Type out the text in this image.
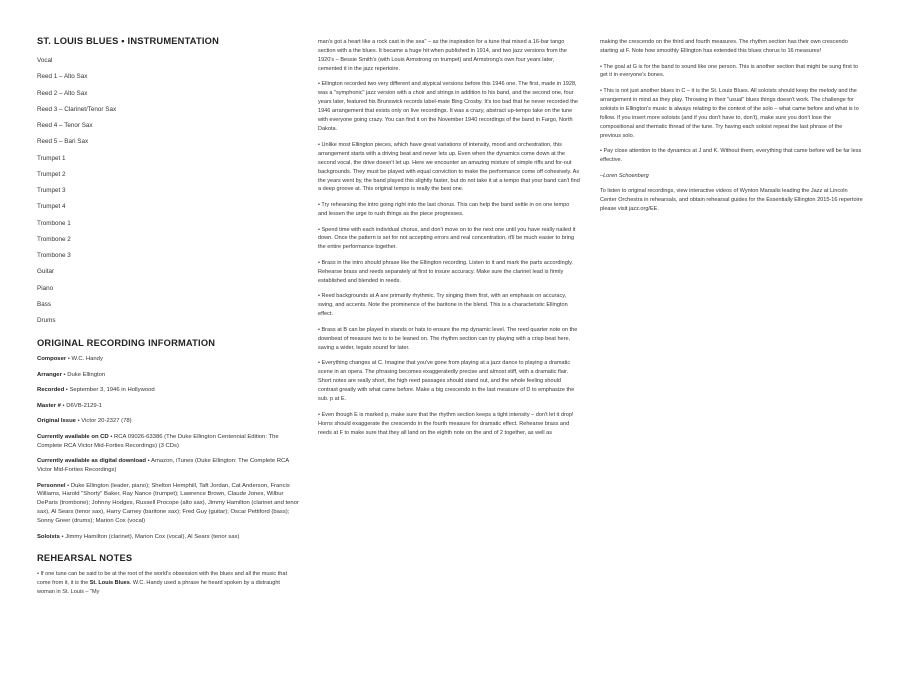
ST. LOUIS BLUES • INSTRUMENTATION
Vocal
Reed 1 – Alto Sax
Reed 2 – Alto Sax
Reed 3 – Clarinet/Tenor Sax
Reed 4 – Tenor Sax
Reed 5 – Bari Sax
Trumpet 1
Trumpet 2
Trumpet 3
Trumpet 4
Trombone 1
Trombone 2
Trombone 3
Guitar
Piano
Bass
Drums
ORIGINAL RECORDING INFORMATION

Composer • W.C. Handy

Arranger • Duke Ellington

Recorded • September 3, 1946 in Hollywood

Master # • D6VB-2129-1

Original Issue • Victor 20-2327 (78)

Currently available on CD • RCA 09026-63386 (The Duke Ellington Centennial Edition: The Complete RCA Victor Mid-Forties Recordings) (3 CDs)

Currently available as digital download • Amazon, iTunes (Duke Ellington: The Complete RCA Victor Mid-Forties Recordings)

Personnel • Duke Ellington (leader, piano); Shelton Hemphill, Taft Jordan, Cat Anderson, Francis Williams, Harold "Shorty" Baker, Ray Nance (trumpet); Lawrence Brown, Claude Jones, Wilbur DeParis (trombone); Johnny Hodges, Russell Procope (alto sax), Jimmy Hamilton (clarinet and tenor sax), Al Sears (tenor sax), Harry Carney (baritone sax); Fred Guy (guitar); Oscar Pettiford (bass); Sonny Greer (drums); Marion Cox (vocal)

Soloists • Jimmy Hamilton (clarinet), Marion Cox (vocal), Al Sears (tenor sax)

REHEARSAL NOTES

• If one tune can be said to be at the root of the world's obsession with the blues and all the music that come from it, it is the St. Louis Blues. W.C. Handy used a phrase he heard spoken by a distraught woman in St. Louis – "My

man's got a heart like a rock cast in the sea" – as the inspiration for a tune that mixed a 16-bar tango section with a the blues. It became a huge hit when published in 1914, and two jazz versions from the 1920's – Bessie Smith's (with Louis Armstrong on trumpet) and Armstrong's own four years later, cemented it in the jazz repertoire.

• Ellington recorded two very different and atypical versions before this 1946 one. The first, made in 1928, was a "symphonic" jazz version with a choir and strings in addition to his band, and the second one, four years later, featured his Brunswick records label-mate Bing Crosby. It's too bad that he never recorded the 1946 arrangement that exists only on live recordings. It was a crazy, abstract up-tempo take on the tune with everyone going crazy. You can find it on the November 1940 recordings of the band in Fargo, North Dakota.

• Unlike most Ellington pieces, which have great variations of intensity, mood and orchestration, this arrangement starts with a driving beat and never lets up. Even when the dynamics come down at the second vocal, the drive doesn't let up. Here we encounter an amazing mixture of simple riffs and for-out backgrounds. They must be played with equal conviction to make the performance come off cohesively. As the years went by, the band played this slightly faster, but do not take it at a tempo that your band can't find a deep groove at. This original tempo is really the best one.

• Try rehearsing the intro going right into the last chorus. This can help the band settle in on one tempo and lessen the urge to rush things as the piece progresses.

• Spend time with each individual chorus, and don't move on to the next one until you have really nailed it down. Once the pattern is set for not accepting errors and real concentration, it'll be much easier to bring the entire performance together.

• Brass in the intro should phrase like the Ellington recording. Listen to it and mark the parts accordingly. Rehearse brass and reeds separately at first to insure accuracy. Make sure the clarinet lead is firmly established and blended in reeds.

• Reed backgrounds at A are primarily rhythmic. Try singing them first, with an emphasis on accuracy, swing, and accents. Note the prominence of the baritone in the blend. This is a characteristic Ellington effect.

• Brass at B can be played in stands or hats to ensure the mp dynamic level. The reed quarter note on the downbeat of measure two is to be leaned on. The rhythm section can try playing with a crisp beat here, saving a wider, legato sound for later.

• Everything changes at C. Imagine that you've gone from playing at a jazz dance to playing a dramatic scene in an opera. The phrasing becomes exaggeratedly precise and almost stiff, with a dramatic flair. Short notes are really short, the high reed passages should stand out, and the whole feeling should contrast greatly with what came before. Make a big crescendo in the last measure of D to emphasize the sub. p at E.

• Even though E is marked p, make sure that the rhythm section keeps a tight intensity – don't let it drop! Horns should exaggerate the crescendo in the fourth measure for dramatic effect. Rehearse brass and reeds at F to make sure that they all land on the eighth note on the and of 2 together, as well as

making the crescendo on the third and fourth measures. The rhythm section has their own crescendo starting at F. Note how smoothly Ellington has extended this blues chorus to 16 measures!

• The goal at G is for the band to sound like one person. This is another section that might be sung first to get it in everyone's bones.

• This is not just another blues in C – it is the St. Louis Blues. All soloists should keep the melody and the arrangement in mind as they play. Throwing in their "usual" blues things doesn't work. The challenge for soloists in Ellington's music is always relating to the context of the solo – what came before and what is to follow. If you insert more soloists (and if you don't have to, don't), make sure you don't lose the compositional and thematic thread of the tune. Try having each soloist repeat the last phrase of the previous solo.

• Pay close attention to the dynamics at J and K. Without them, everything that came before will be far less effective.

–Loren Schoenberg

To listen to original recordings, view interactive videos of Wynton Marsalis leading the Jazz at Lincoln Center Orchestra in rehearsals, and obtain rehearsal guides for the Essentially Ellington 2015-16 repertoire please visit jazz.org/EE.
